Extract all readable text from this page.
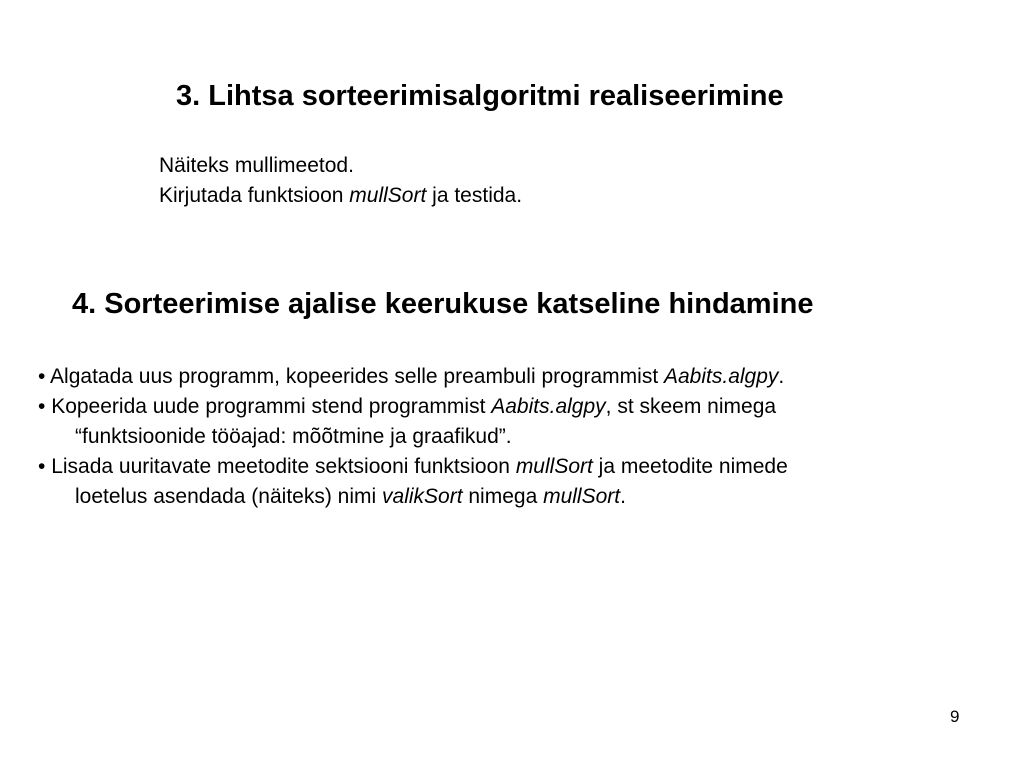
3. Lihtsa sorteerimisalgoritmi realiseerimine
Näiteks mullimeetod.
Kirjutada funktsioon mullSort ja testida.
4. Sorteerimise ajalise keerukuse katseline hindamine
• Algatada uus programm, kopeerides selle preambuli programmist Aabits.algpy.
• Kopeerida uude programmi stend programmist Aabits.algpy, st skeem nimega
“funktsioonide tööajad: mõõtmine ja graafikud”.
• Lisada uuritavate meetodite sektsiooni funktsioon mullSort ja meetodite nimede
loetelus asendada (näiteks) nimi valikSort nimega mullSort.
9
